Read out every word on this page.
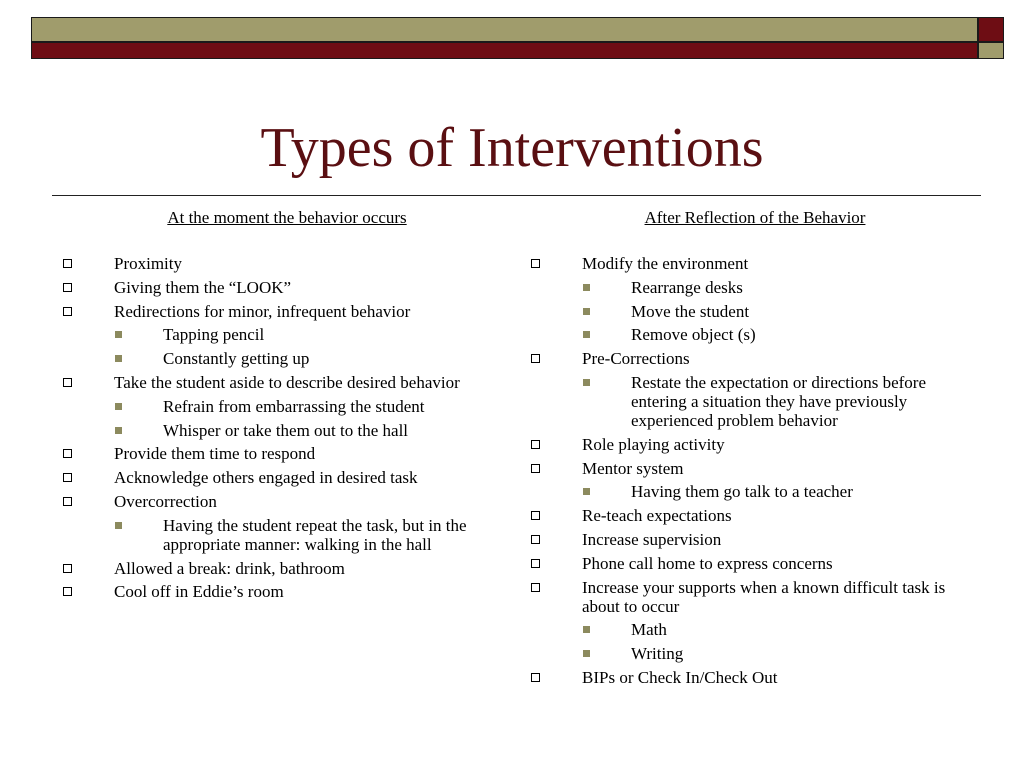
Types of Interventions
At the moment the behavior occurs
Proximity
Giving them the “LOOK”
Redirections for minor, infrequent behavior
Tapping pencil
Constantly getting up
Take the student aside to describe desired behavior
Refrain from embarrassing the student
Whisper or take them out to the hall
Provide them time to respond
Acknowledge others engaged in desired task
Overcorrection
Having the student repeat the task, but in the appropriate manner: walking in the hall
Allowed a break: drink, bathroom
Cool off in Eddie’s room
After Reflection of the Behavior
Modify the environment
Rearrange desks
Move the student
Remove object (s)
Pre-Corrections
Restate the expectation or directions before entering a situation they have previously experienced problem behavior
Role playing activity
Mentor system
Having them go talk to a teacher
Re-teach expectations
Increase supervision
Phone call home to express concerns
Increase your supports when a known difficult task is about to occur
Math
Writing
BIPs or Check In/Check Out
